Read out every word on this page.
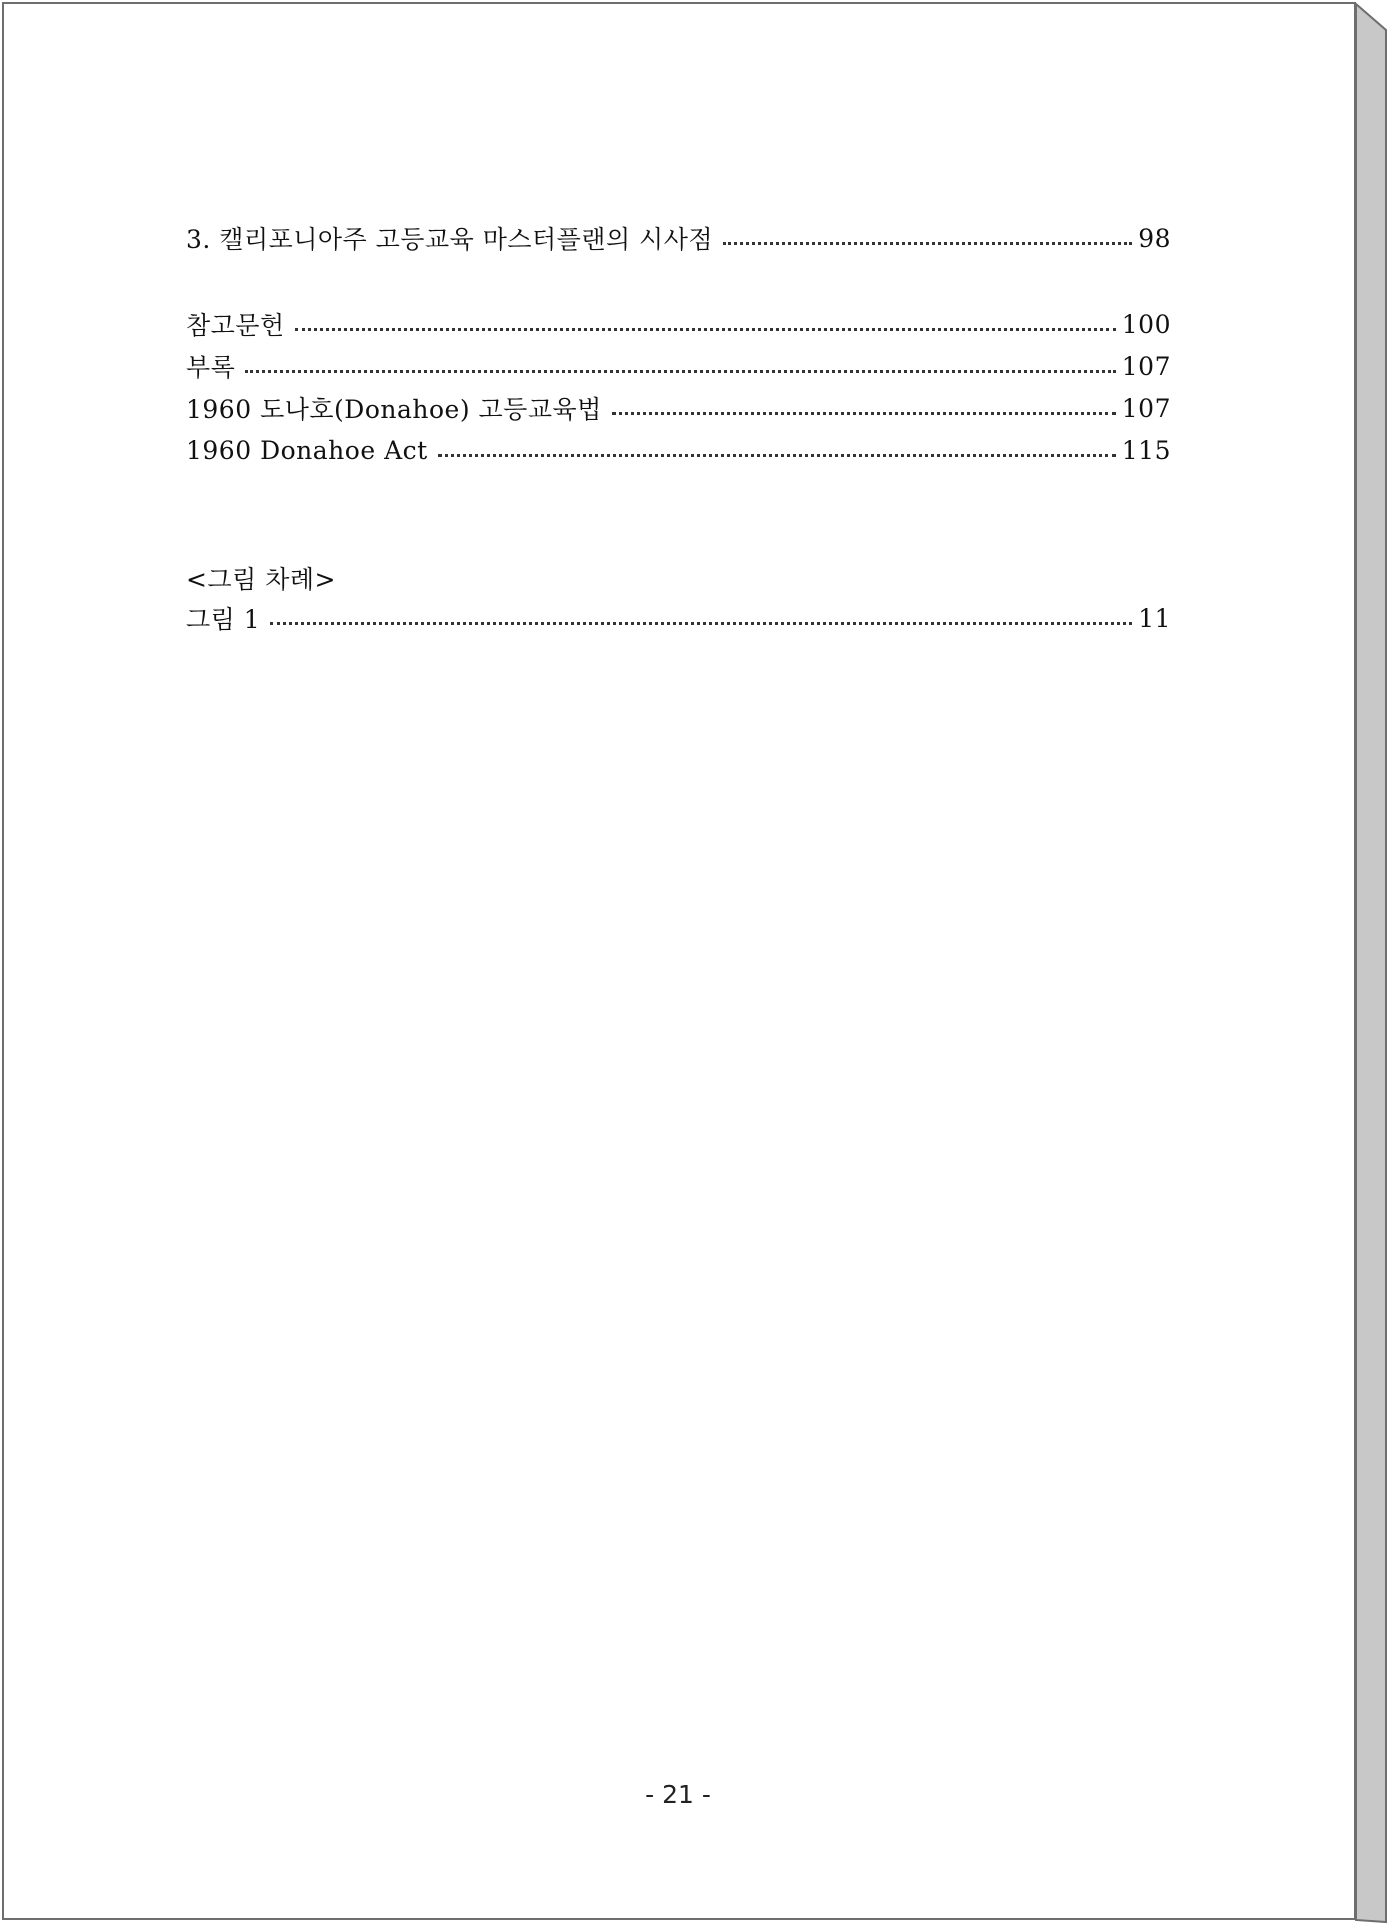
3. 캘리포니아주 고등교육 마스터플랜의 시사점	98
참고문헌	100
부록	107
1960 도나호(Donahoe) 고등교육법	107
1960 Donahoe Act	115
<그림 차례>
그림 1	11
- 21 -
